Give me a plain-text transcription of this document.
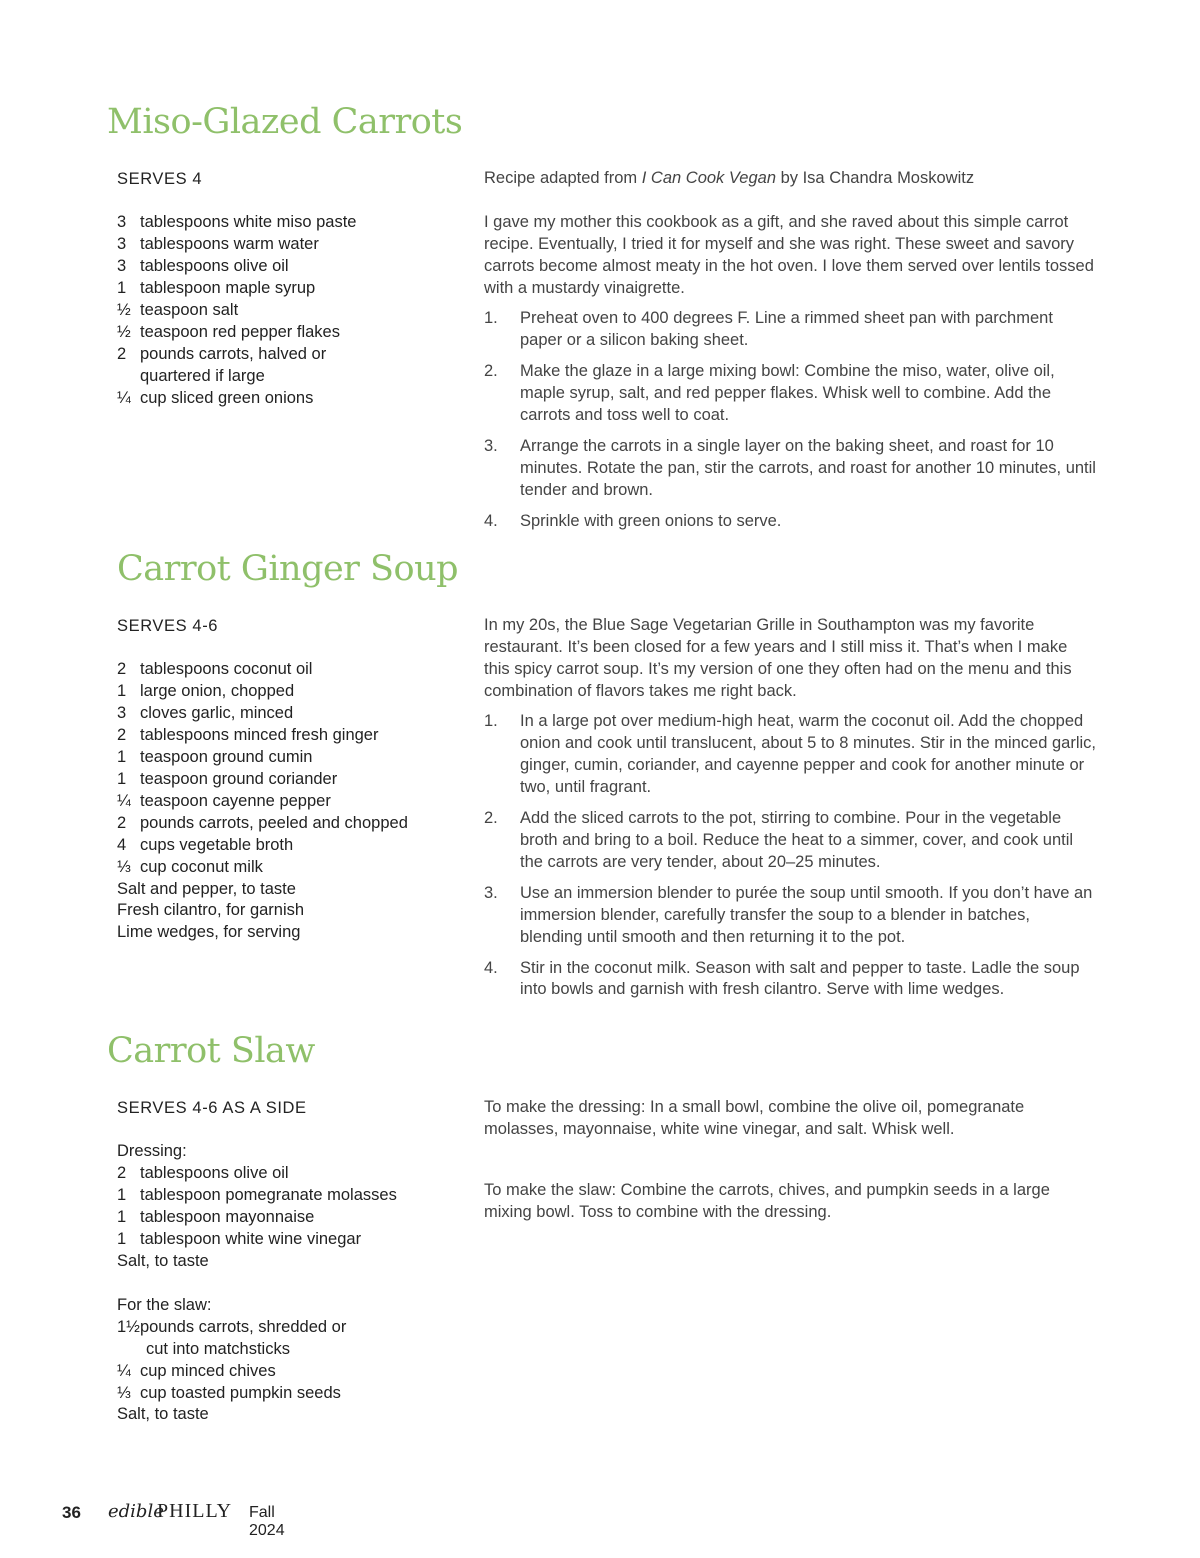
Miso-Glazed Carrots

SERVES 4

3 tablespoons white miso paste
3 tablespoons warm water
3 tablespoons olive oil
1 tablespoon maple syrup
½ teaspoon salt
½ teaspoon red pepper flakes
2 pounds carrots, halved or quartered if large
¼ cup sliced green onions

Recipe adapted from I Can Cook Vegan by Isa Chandra Moskowitz

I gave my mother this cookbook as a gift, and she raved about this simple carrot recipe. Eventually, I tried it for myself and she was right. These sweet and savory carrots become almost meaty in the hot oven. I love them served over lentils tossed with a mustardy vinaigrette.

1.	Preheat oven to 400 degrees F. Line a rimmed sheet pan with parchment paper or a silicon baking sheet.
2.	Make the glaze in a large mixing bowl: Combine the miso, water, olive oil, maple syrup, salt, and red pepper flakes. Whisk well to combine. Add the carrots and toss well to coat.
3.	Arrange the carrots in a single layer on the baking sheet, and roast for 10 minutes. Rotate the pan, stir the carrots, and roast for another 10 minutes, until tender and brown.
4.	Sprinkle with green onions to serve.
Carrot Ginger Soup

SERVES 4-6

2 tablespoons coconut oil
1 large onion, chopped
3 cloves garlic, minced
2 tablespoons minced fresh ginger
1 teaspoon ground cumin
1 teaspoon ground coriander
¼ teaspoon cayenne pepper
2 pounds carrots, peeled and chopped
4 cups vegetable broth
⅓ cup coconut milk
Salt and pepper, to taste
Fresh cilantro, for garnish
Lime wedges, for serving

In my 20s, the Blue Sage Vegetarian Grille in Southampton was my favorite restaurant. It’s been closed for a few years and I still miss it. That’s when I make this spicy carrot soup. It’s my version of one they often had on the menu and this combination of flavors takes me right back.

1.	In a large pot over medium-high heat, warm the coconut oil. Add the chopped onion and cook until translucent, about 5 to 8 minutes. Stir in the minced garlic, ginger, cumin, coriander, and cayenne pepper and cook for another minute or two, until fragrant.
2.	Add the sliced carrots to the pot, stirring to combine. Pour in the vegetable broth and bring to a boil. Reduce the heat to a simmer, cover, and cook until the carrots are very tender, about 20–25 minutes.
3.	Use an immersion blender to purée the soup until smooth. If you don’t have an immersion blender, carefully transfer the soup to a blender in batches, blending until smooth and then returning it to the pot.
4.	Stir in the coconut milk. Season with salt and pepper to taste. Ladle the soup into bowls and garnish with fresh cilantro. Serve with lime wedges.
Carrot Slaw

SERVES 4-6 AS A SIDE

Dressing:
2 tablespoons olive oil
1 tablespoon pomegranate molasses
1 tablespoon mayonnaise
1 tablespoon white wine vinegar
Salt, to taste
For the slaw:
1½ pounds carrots, shredded or
cut into matchsticks
¼ cup minced chives
⅓ cup toasted pumpkin seeds
Salt, to taste

To make the dressing: In a small bowl, combine the olive oil, pomegranate molasses, mayonnaise, white wine vinegar, and salt. Whisk well.

To make the slaw: Combine the carrots, chives, and pumpkin seeds in a large mixing bowl. Toss to combine with the dressing.

36 edible
PHILLY Fall 2024
